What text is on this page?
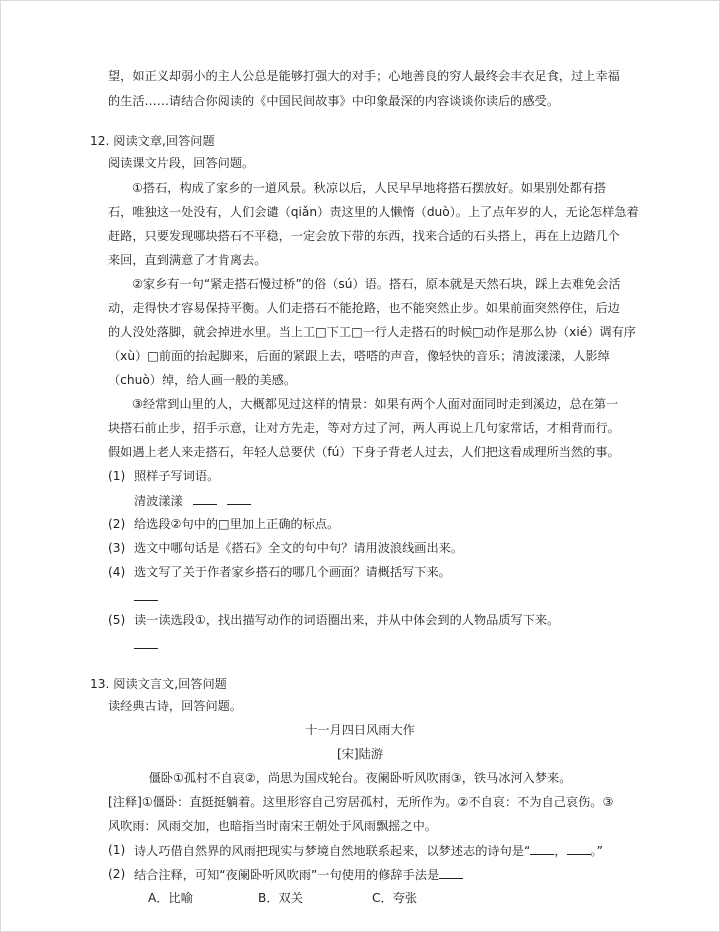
望，如正义却弱小的主人公总是能够打强大的对手；心地善良的穷人最终会丰衣足食，过上幸福
的生活……请结合你阅读的《中国民间故事》中印象最深的内容谈谈你读后的感受。
12. 阅读文章,回答问题
阅读课文片段，回答问题。
①搭石，构成了家乡的一道风景。秋凉以后，人民早早地将搭石摆放好。如果别处都有搭
石，唯独这一处没有，人们会谴（qiǎn）责这里的人懒惰（duò）。上了点年岁的人，无论怎样急着
赶路，只要发现哪块搭石不平稳，一定会放下带的东西，找来合适的石头搭上，再在上边踏几个
来回，直到满意了才肯离去。
②家乡有一句“紧走搭石慢过桥”的俗（sú）语。搭石，原本就是天然石块，踩上去难免会活
动，走得快才容易保持平衡。人们走搭石不能抢路，也不能突然止步。如果前面突然停住，后边
的人没处落脚，就会掉进水里。当上工□下工□一行人走搭石的时候□动作是那么协（xié）调有序
（xù）□前面的抬起脚来，后面的紧跟上去，嗒嗒的声音，像轻快的音乐；清波漾漾，人影绰
（chuò）绰，给人画一般的美感。
③经常到山里的人，大概都见过这样的情景：如果有两个人面对面同时走到溪边，总在第一
块搭石前止步，招手示意，让对方先走，等对方过了河，两人再说上几句家常话，才相背而行。
假如遇上老人来走搭石，年轻人总要伏（fú）下身子背老人过去，人们把这看成理所当然的事。
(1) 照样子写词语。
清波漾漾
(2) 给选段②句中的□里加上正确的标点。
(3) 选文中哪句话是《搭石》全文的句中句？请用波浪线画出来。
(4) 选文写了关于作者家乡搭石的哪几个画面？请概括写下来。
(5) 读一读选段①，找出描写动作的词语圈出来，并从中体会到的人物品质写下来。
13. 阅读文言文,回答问题
读经典古诗，回答问题。
十一月四日风雨大作
[宋]陆游
僵卧①孤村不自哀②，尚思为国戍轮台。夜阑卧听风吹雨③，铁马冰河入梦来。
[注释]①僵卧：直挺挺躺着。这里形容自己穷居孤村，无所作为。②不自哀：不为自己哀伤。③
风吹雨：风雨交加，也暗指当时南宋王朝处于风雨飘摇之中。
(1) 诗人巧借自然界的风雨把现实与梦境自然地联系起来，以梦述志的诗句是“ ， 。”
(2) 结合注释，可知“夜阑卧听风吹雨”一句使用的修辞手法是
A．比喻	B．双关	C．夸张
